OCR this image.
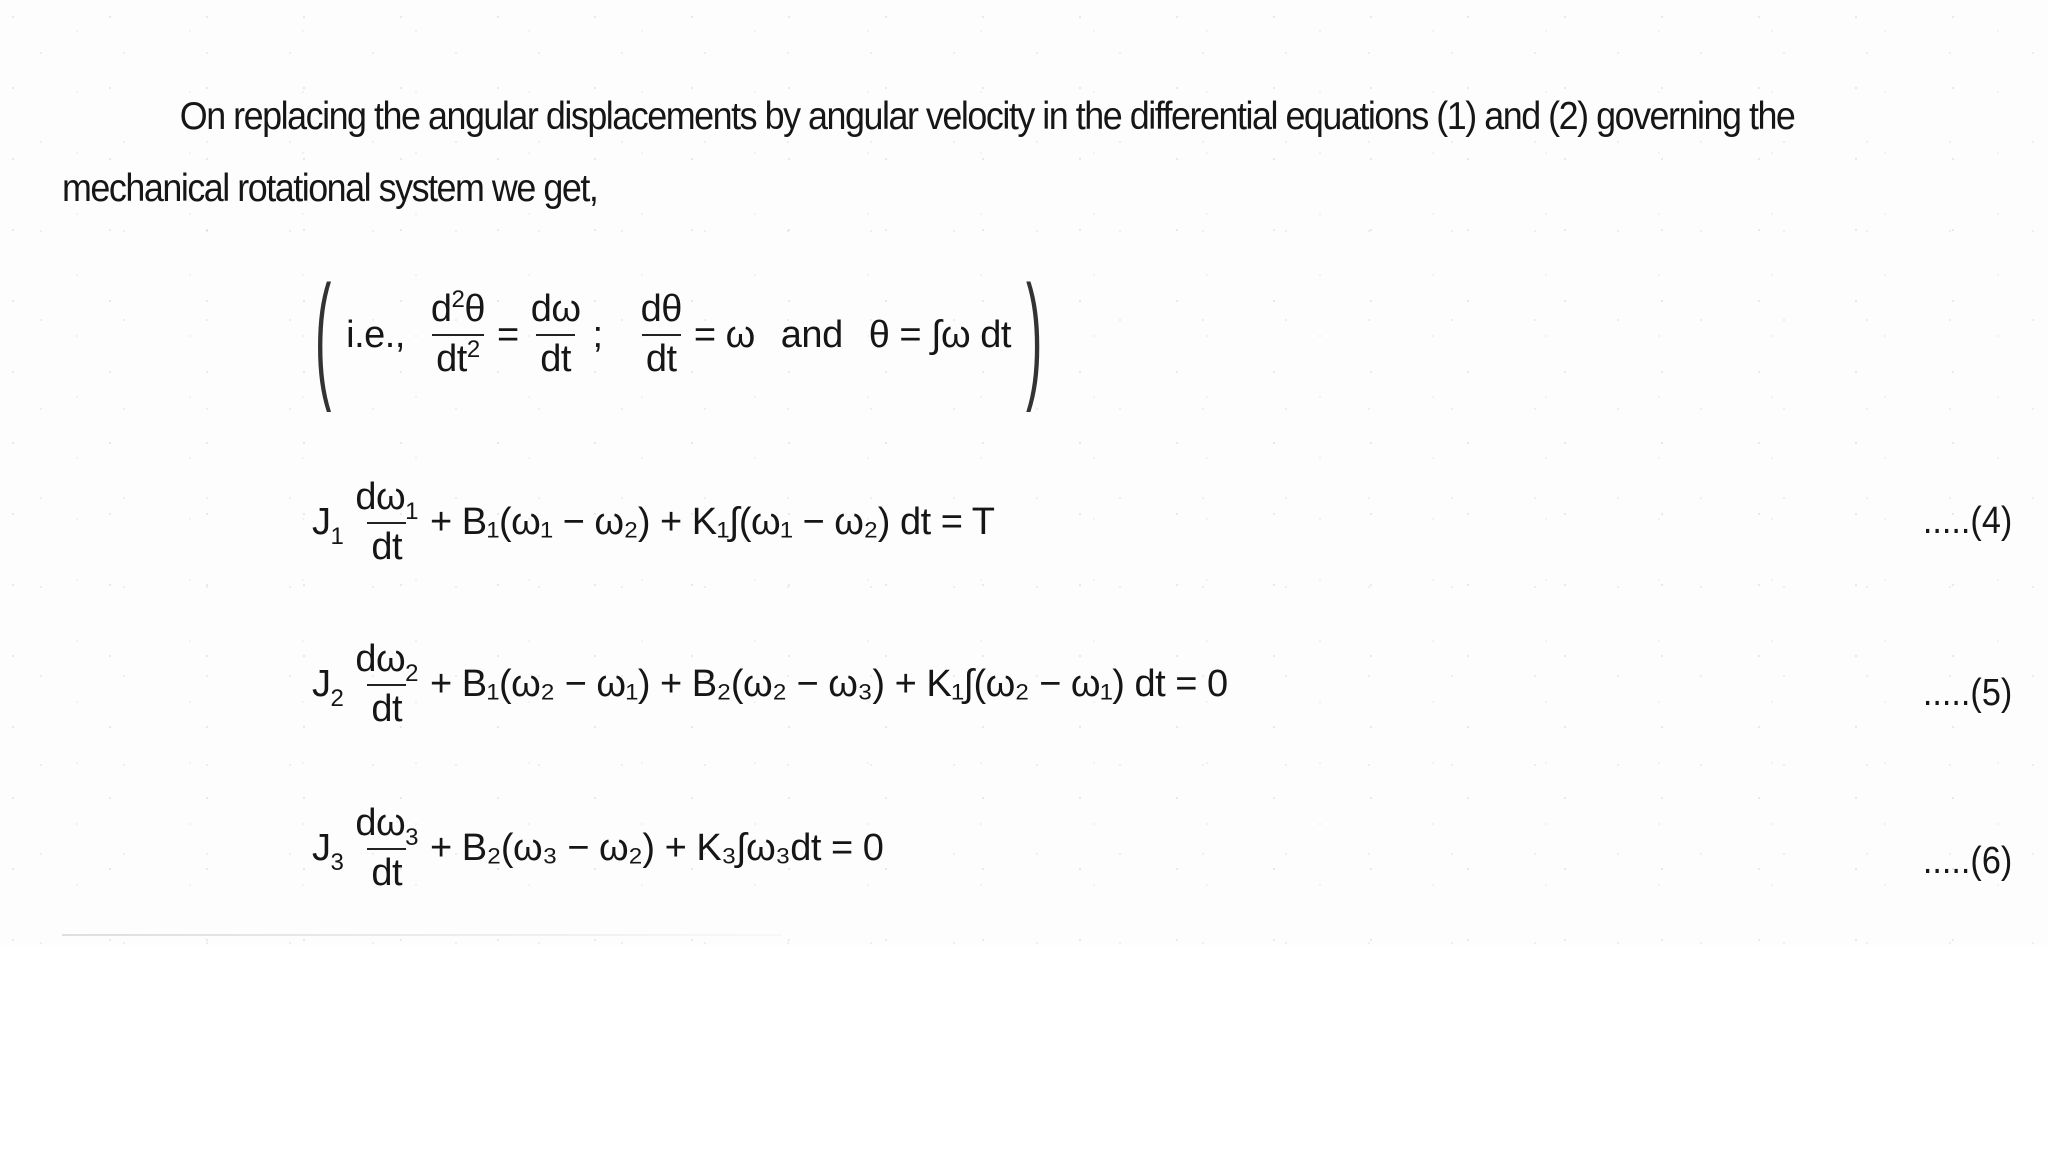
On replacing the angular displacements by angular velocity in the differential equations (1) and (2) governing the
mechanical rotational system we get,
( i.e., $\frac{d^2\theta}{dt^2} = \frac{d\omega}{dt}$ ; $\frac{d\theta}{dt} = \omega$ and θ = ∫ω dt )
$J_1 \frac{d\omega_1}{dt} + B_1(\omega_1 - \omega_2) + K_1\int(\omega_1 - \omega_2)$ dt = T	.....(4)
$J_2 \frac{d\omega_2}{dt} + B_1(\omega_2 - \omega_1) + B_2(\omega_2 - \omega_3) + K_1\int(\omega_2 - \omega_1)$ dt = 0	.....(5)
$J_3 \frac{d\omega_3}{dt} + B_2(\omega_3 - \omega_2) + K_3\int\omega_3dt = 0$	.....(6)
